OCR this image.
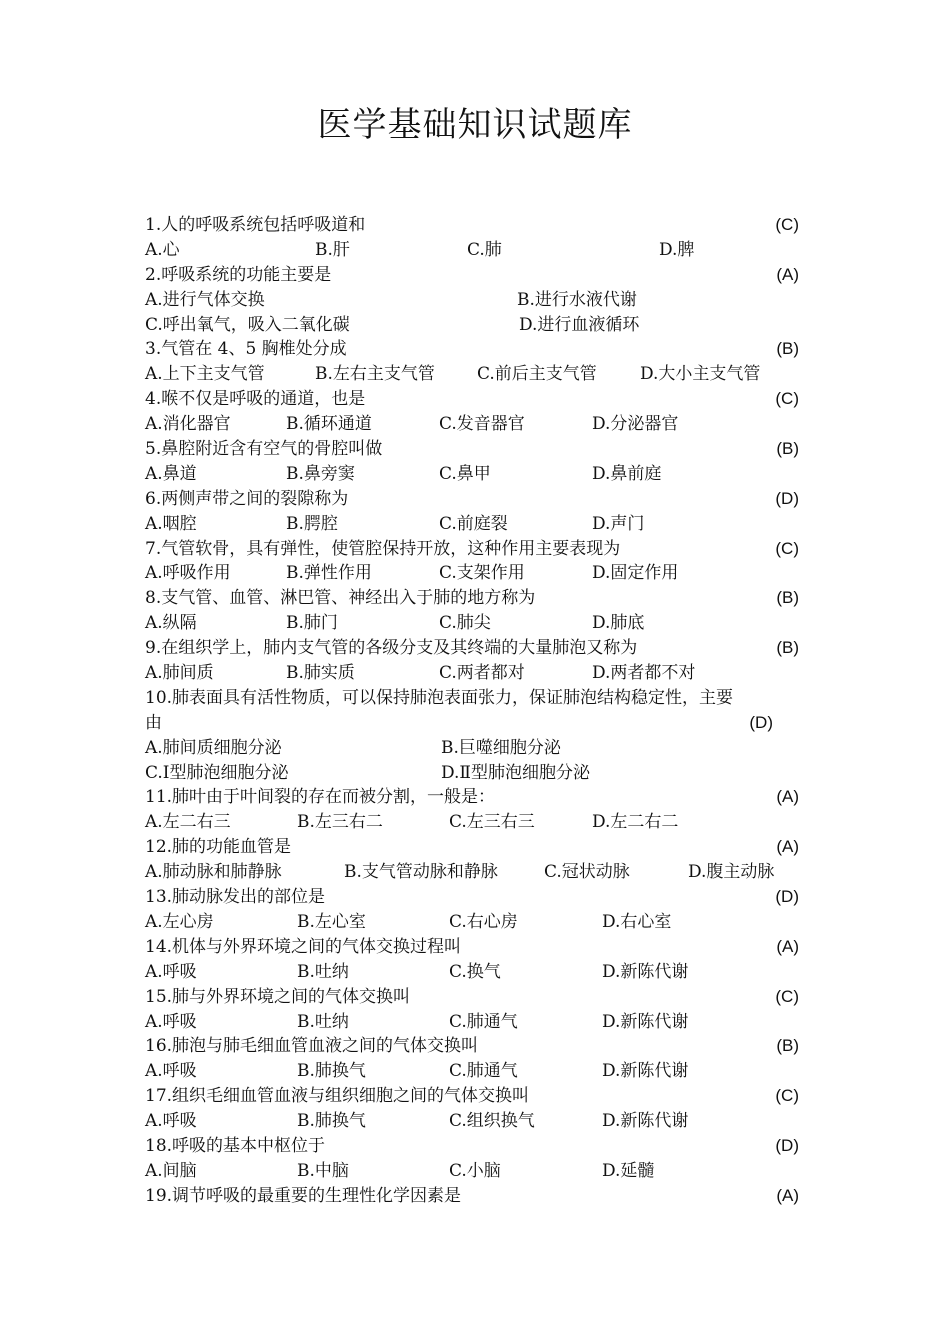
医学基础知识试题库
1.人的呼吸系统包括呼吸道和	(C)
A.心	B.肝	C.肺	D.脾
2.呼吸系统的功能主要是	(A)
A.进行气体交换	B.进行水液代谢
C.呼出氧气，吸入二氧化碳	D.进行血液循环
3.气管在 4、5 胸椎处分成	(B)
A.上下主支气管	B.左右主支气管 C.前后主支气管	D.大小主支气管
4.喉不仅是呼吸的通道，也是	(C)
A.消化器官	B.循环通道	C.发音器官	D.分泌器官
5.鼻腔附近含有空气的骨腔叫做	(B)
A.鼻道	B.鼻旁窦	C.鼻甲	D.鼻前庭
6.两侧声带之间的裂隙称为	(D)
A.咽腔	B.腭腔	C.前庭裂	D.声门
7.气管软骨，具有弹性，使管腔保持开放，这种作用主要表现为	(C)
A.呼吸作用	B.弹性作用	C.支架作用	D.固定作用
8.支气管、血管、淋巴管、神经出入于肺的地方称为	(B)
A.纵隔	B.肺门	C.肺尖	D.肺底
9.在组织学上，肺内支气管的各级分支及其终端的大量肺泡又称为	(B)
A.肺间质	B.肺实质	C.两者都对	D.两者都不对
10.肺表面具有活性物质，可以保持肺泡表面张力，保证肺泡结构稳定性，主要
由	(D)
A.肺间质细胞分泌	B.巨噬细胞分泌
C.Ⅰ型肺泡细胞分泌	D.Ⅱ型肺泡细胞分泌
11.肺叶由于叶间裂的存在而被分割，一般是：	(A)
A.左二右三	B.左三右二	C.左三右三	D.左二右二
12.肺的功能血管是	(A)
A.肺动脉和肺静脉	B.支气管动脉和静脉	C.冠状动脉	D.腹主动脉
13.肺动脉发出的部位是	(D)
A.左心房	B.左心室	C.右心房	D.右心室
14.机体与外界环境之间的气体交换过程叫	(A)
A.呼吸	B.吐纳	C.换气	D.新陈代谢
15.肺与外界环境之间的气体交换叫	(C)
A.呼吸	B.吐纳	C.肺通气	D.新陈代谢
16.肺泡与肺毛细血管血液之间的气体交换叫	(B)
A.呼吸	B.肺换气	C.肺通气	D.新陈代谢
17.组织毛细血管血液与组织细胞之间的气体交换叫	(C)
A.呼吸	B.肺换气	C.组织换气	D.新陈代谢
18.呼吸的基本中枢位于	(D)
A.间脑	B.中脑	C.小脑	D.延髓
19.调节呼吸的最重要的生理性化学因素是	(A)
